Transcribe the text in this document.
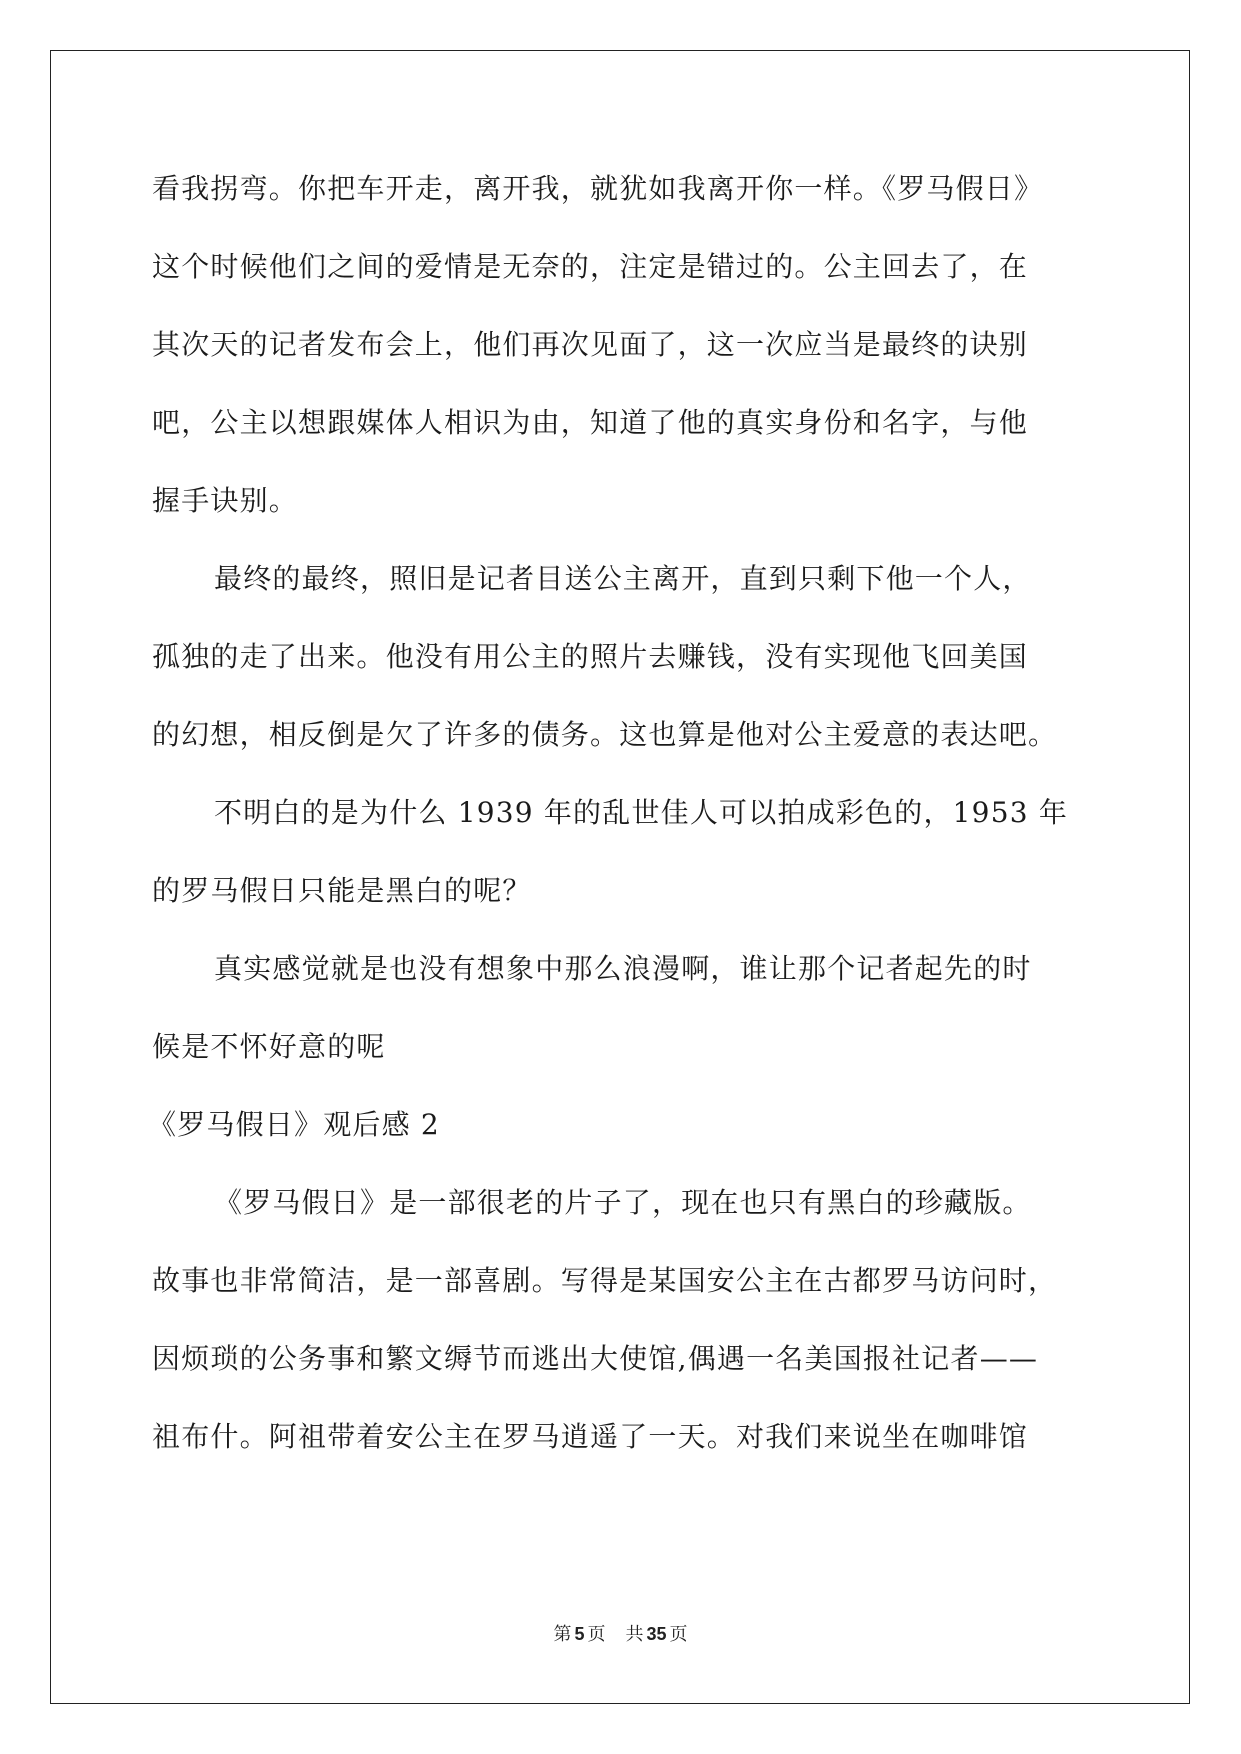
看我拐弯。你把车开走，离开我，就犹如我离开你一样。《罗马假日》
这个时候他们之间的爱情是无奈的，注定是错过的。公主回去了，在
其次天的记者发布会上，他们再次见面了，这一次应当是最终的诀别
吧，公主以想跟媒体人相识为由，知道了他的真实身份和名字，与他
握手诀别。
最终的最终，照旧是记者目送公主离开，直到只剩下他一个人，
孤独的走了出来。他没有用公主的照片去赚钱，没有实现他飞回美国
的幻想，相反倒是欠了许多的债务。这也算是他对公主爱意的表达吧。
不明白的是为什么 1939 年的乱世佳人可以拍成彩色的，1953 年
的罗马假日只能是黑白的呢？
真实感觉就是也没有想象中那么浪漫啊，谁让那个记者起先的时
候是不怀好意的呢
《罗马假日》观后感 2
《罗马假日》是一部很老的片子了，现在也只有黑白的珍藏版。
故事也非常简洁，是一部喜剧。写得是某国安公主在古都罗马访问时，
因烦琐的公务事和繁文缛节而逃出大使馆,偶遇一名美国报社记者——
祖布什。阿祖带着安公主在罗马逍遥了一天。对我们来说坐在咖啡馆
第 5 页 共 35 页
